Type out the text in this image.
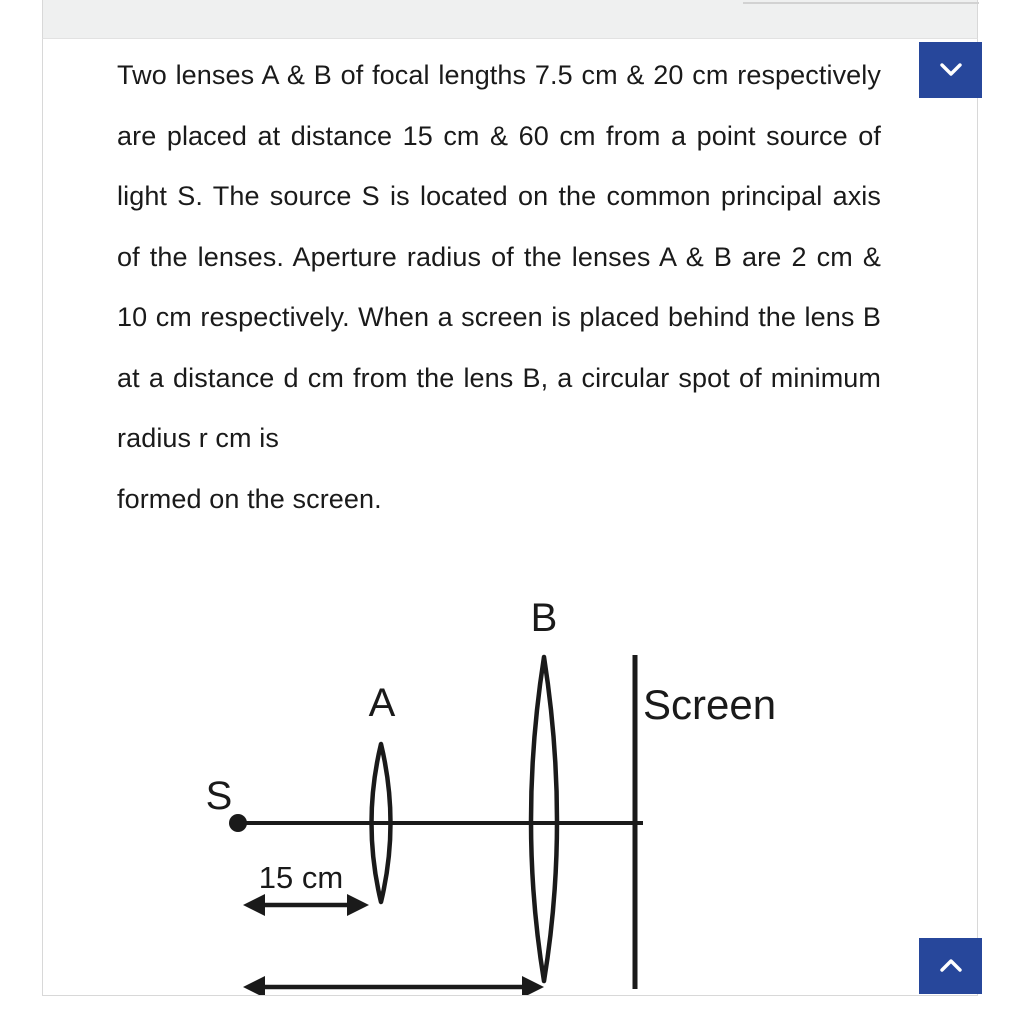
Two lenses A & B of focal lengths 7.5 cm & 20 cm respectively are placed at distance 15 cm & 60 cm from a point source of light S. The source S is located on the common principal axis of the lenses. Aperture radius of the lenses A & B are 2 cm & 10 cm respectively. When a screen is placed behind the lens B at a distance d cm from the lens B, a circular spot of minimum radius r cm is
formed on the screen.
S
A
B
Screen
15 cm
